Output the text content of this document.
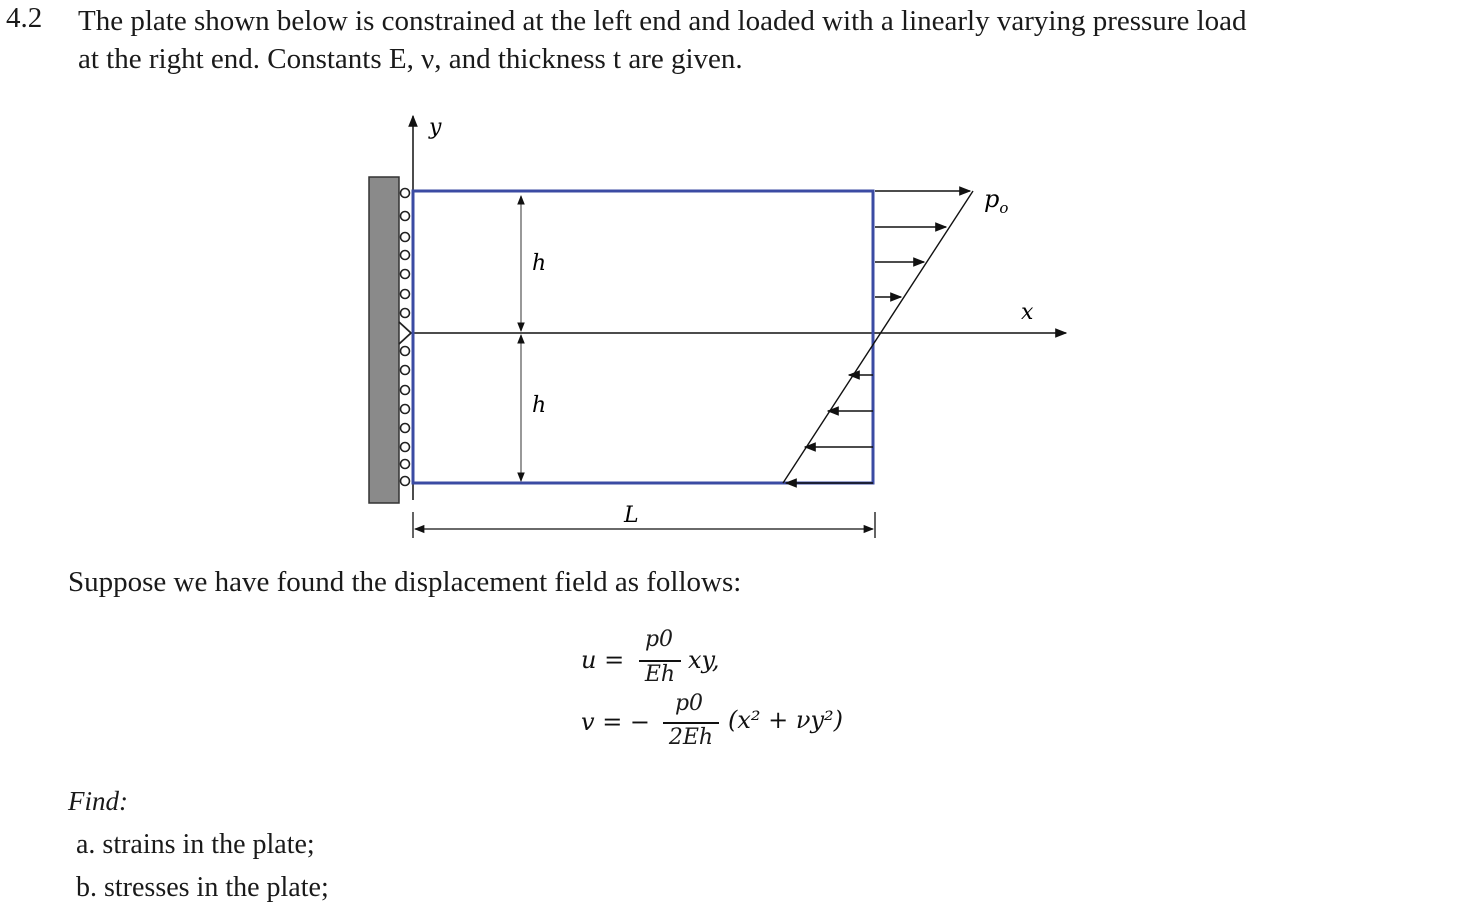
4.2 The plate shown below is constrained at the left end and loaded with a linearly varying pressure load
at the right end. Constants E, ν, and thickness t are given.

y
x
h
h
L
$p_o$
Suppose we have found the displacement field as follows:
u =
p0
Eh
xy,
v = −
p0
2Eh
(x² + νy²)
Find:
a. strains in the plate;
b. stresses in the plate;
